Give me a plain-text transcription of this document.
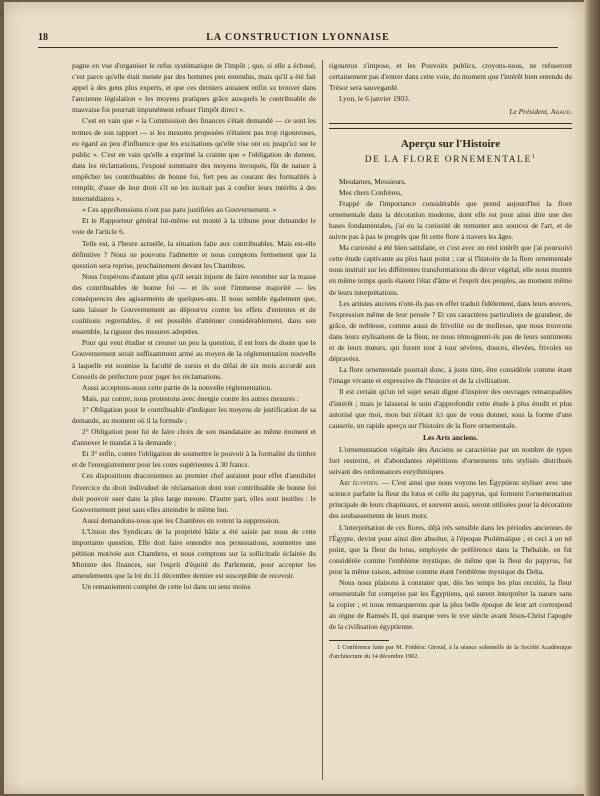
18	LA CONSTRUCTION LYONNAISE

pagne en vue d'organiser le refus systématique de l'impôt ; que, si elle a échoué, c'est parce qu'elle était menée par des hommes peu entendus, mais qu'il a été fait appel à des gens plus experts, et que ces derniers auraient enfin su trouver dans l'ancienne législation « les moyens pratiques grâce auxquels le contribuable de mauvaise foi pourrait impunément refuser l'impôt direct ».

C'est en vain que « la Commission des finances s'était demandé — ce sont les termes de son rapport — si les mesures proposées n'étaient pas trop rigoureuses, eu égard au peu d'influence que les excitations qu'elle vise ont eu jusqu'ici sur le public ». C'est en vain qu'elle a exprimé la crainte que « l'obligation de donner, dans les réclamations, l'exposé sommaire des moyens invoqués, fût de nature à empêcher les contribuables de bonne foi, fort peu au courant des formalités à remplir, d'user de leur droit s'il ne les incitait pas à confier leurs intérêts à des intermédiaires ».

« Ces appréhensions n'ont pas paru justifiées au Gouvernement. »

Et le Rapporteur général lui-même est monté à la tribune pour demander le vote de l'article 6.

Telle est, à l'heure actuelle, la situation faite aux contribuables. Mais est-elle définitive ? Nous ne pouvons l'admettre et nous comptons fermement que la question sera reprise, prochainement devant les Chambres.

Nous l'espérons d'autant plus qu'il serait injuste de faire retomber sur la masse des contribuables de bonne foi — et ils sont l'immense majorité — les conséquences des agissements de quelques-uns. Il nous semble également que, sans laisser le Gouvernement au dépourvu contre les effets d'ententes et de coalitions regrettables, il est possible d'atténuer considérablement, dans son ensemble, la rigueur des mesures adoptées.

Pour qui veut étudier et creuser un peu la question, il est hors de doute que le Gouvernement serait suffisamment armé au moyen de la réglementation nouvelle à laquelle est soumise la faculté de sursis et du délai de six mois accordé aux Conseils de préfecture pour juger les réclamations.

Aussi acceptons-nous cette partie de la nouvelle réglementation.

Mais, par contre, nous protestons avec énergie contre les autres mesures :

1° Obligation pour le contribuable d'indiquer les moyens de justification de sa demande, au moment où il la formule ;

2° Obligation pour lui de faire choix de son mandataire au même moment et d'annexer le mandat à la demande ;

Et 3° enfin, contre l'obligation de soumettre le pouvoir à la formalité du timbre et de l'enregistrement pour les cotes supérieures à 30 francs.

Ces dispositions draconiennes au premier chef auraient pour effet d'annihiler l'exercice du droit individuel de réclamation dont tout contribuable de bonne foi doit pouvoir user dans la plus large mesure. D'autre part, elles sont inutiles : le Gouvernement peut sans elles atteindre le même but.

Aussi demandons-nous que les Chambres en votent la suppression.

L'Union des Syndicats de la propriété bâtie a été saisie par nous de cette importante question. Elle doit faire entendre nos protestations, soumettre une pétition motivée aux Chambres, et nous comptons sur la sollicitude éclairée du Ministre des finances, sur l'esprit d'équité du Parlement, pour accepter les amendements que la loi du 11 décembre dernier est susceptible de recevoir.

Un remaniement complet de cette loi dans un sens moins

rigoureux s'impose, et les Pouvoirs publics, croyons-nous, ne refuseront certainement pas d'entrer dans cette voie, du moment que l'intérêt bien entendu du Trésor sera sauvegardé.

Lyon, le 6 janvier 1903.

Le Président, Abaud.
Aperçu sur l'Histoire
DE LA FLORE ORNEMENTALE$^1$

Mesdames, Messieurs,

Mes chers Confrères,

Frappé de l'importance considérable que prend aujourd'hui la flore ornementale dans la décoration moderne, dont elle est pour ainsi dire une des bases fondamentales, j'ai eu la curiosité de remonter aux sources de l'art, et de suivre pas à pas le progrès que fit cette flore à travers les âges.

Ma curiosité a été bien satisfaite, et c'est avec un réel intérêt que j'ai poursuivi cette étude captivante au plus haut point ; car si l'histoire de la flore ornementale nous instruit sur les différentes transformations du décor végétal, elle nous montre en même temps quels étaient l'état d'âme et l'esprit des peuples, au moment même de leurs interprétations.

Les artistes anciens n'ont-ils pas en effet traduit fidèlement, dans leurs œuvres, l'expression même de leur pensée ? Et ces caractères particuliers de grandeur, de grâce, de noblesse, comme aussi de frivolité ou de mollesse, que nous trouvons dans leurs stylisations de la fleur, ne nous témoignent-ils pas de leurs sentiments et de leurs mœurs, qui furent tour à tour sévères, douces, élevées, frivoles ou dépravées.

La flore ornementale pourrait donc, à juste titre, être considérée comme étant l'image vivante et expressive de l'histoire et de la civilisation.

Il est certain qu'un tel sujet serait digne d'inspirer des ouvrages remarquables d'intérêt ; mais je laisserai le soin d'approfondir cette étude à plus érudit et plus autorisé que moi, mon but n'étant ici que de vous donner, sous la forme d'une causerie, un rapide aperçu sur l'histoire de la flore ornementale.

Les Arts anciens.

L'ornementation végétale des Anciens se caractérise par un nombre de types fort restreint, et d'abondantes répétitions d'ornements très stylisés distribués suivant des ordonnances eurythmiques.

Art égyptien. — C'est ainsi que nous voyons les Égyptiens styliser avec une science parfaite la fleur du lotus et celle du papyrus, qui forment l'ornementation principale de leurs chapiteaux, et souvent aussi, seront utilisées pour la décoration des soubassements de leurs murs.

L'interprétation de ces flores, déjà très sensible dans les périodes anciennes de l'Égypte, devint pour ainsi dire absolue, à l'époque Ptolémaïque ; et ceci à un tel point, que la fleur du lotus, employée de préférence dans la Thébaïde, en fut considérée comme l'emblème mystique, de même que la fleur du papyrus, fut pour la même raison, admise comme étant l'emblème mystique du Delta.

Nous nous plaisons à constater que, dès les temps les plus reculés, la fleur ornementale fut comprise par les Égyptiens, qui surent interpréter la nature sans la copier ; et nous remarquerons que la plus belle époque de leur art correspond au règne de Ramsès II, qui marque vers le xve siècle avant Jésus-Christ l'apogée de la civilisation égyptienne.

1 Conférence faite par M. Frédéric Giroud, à la séance solennelle de la Société Académique d'architecture du 14 décembre 1902.
